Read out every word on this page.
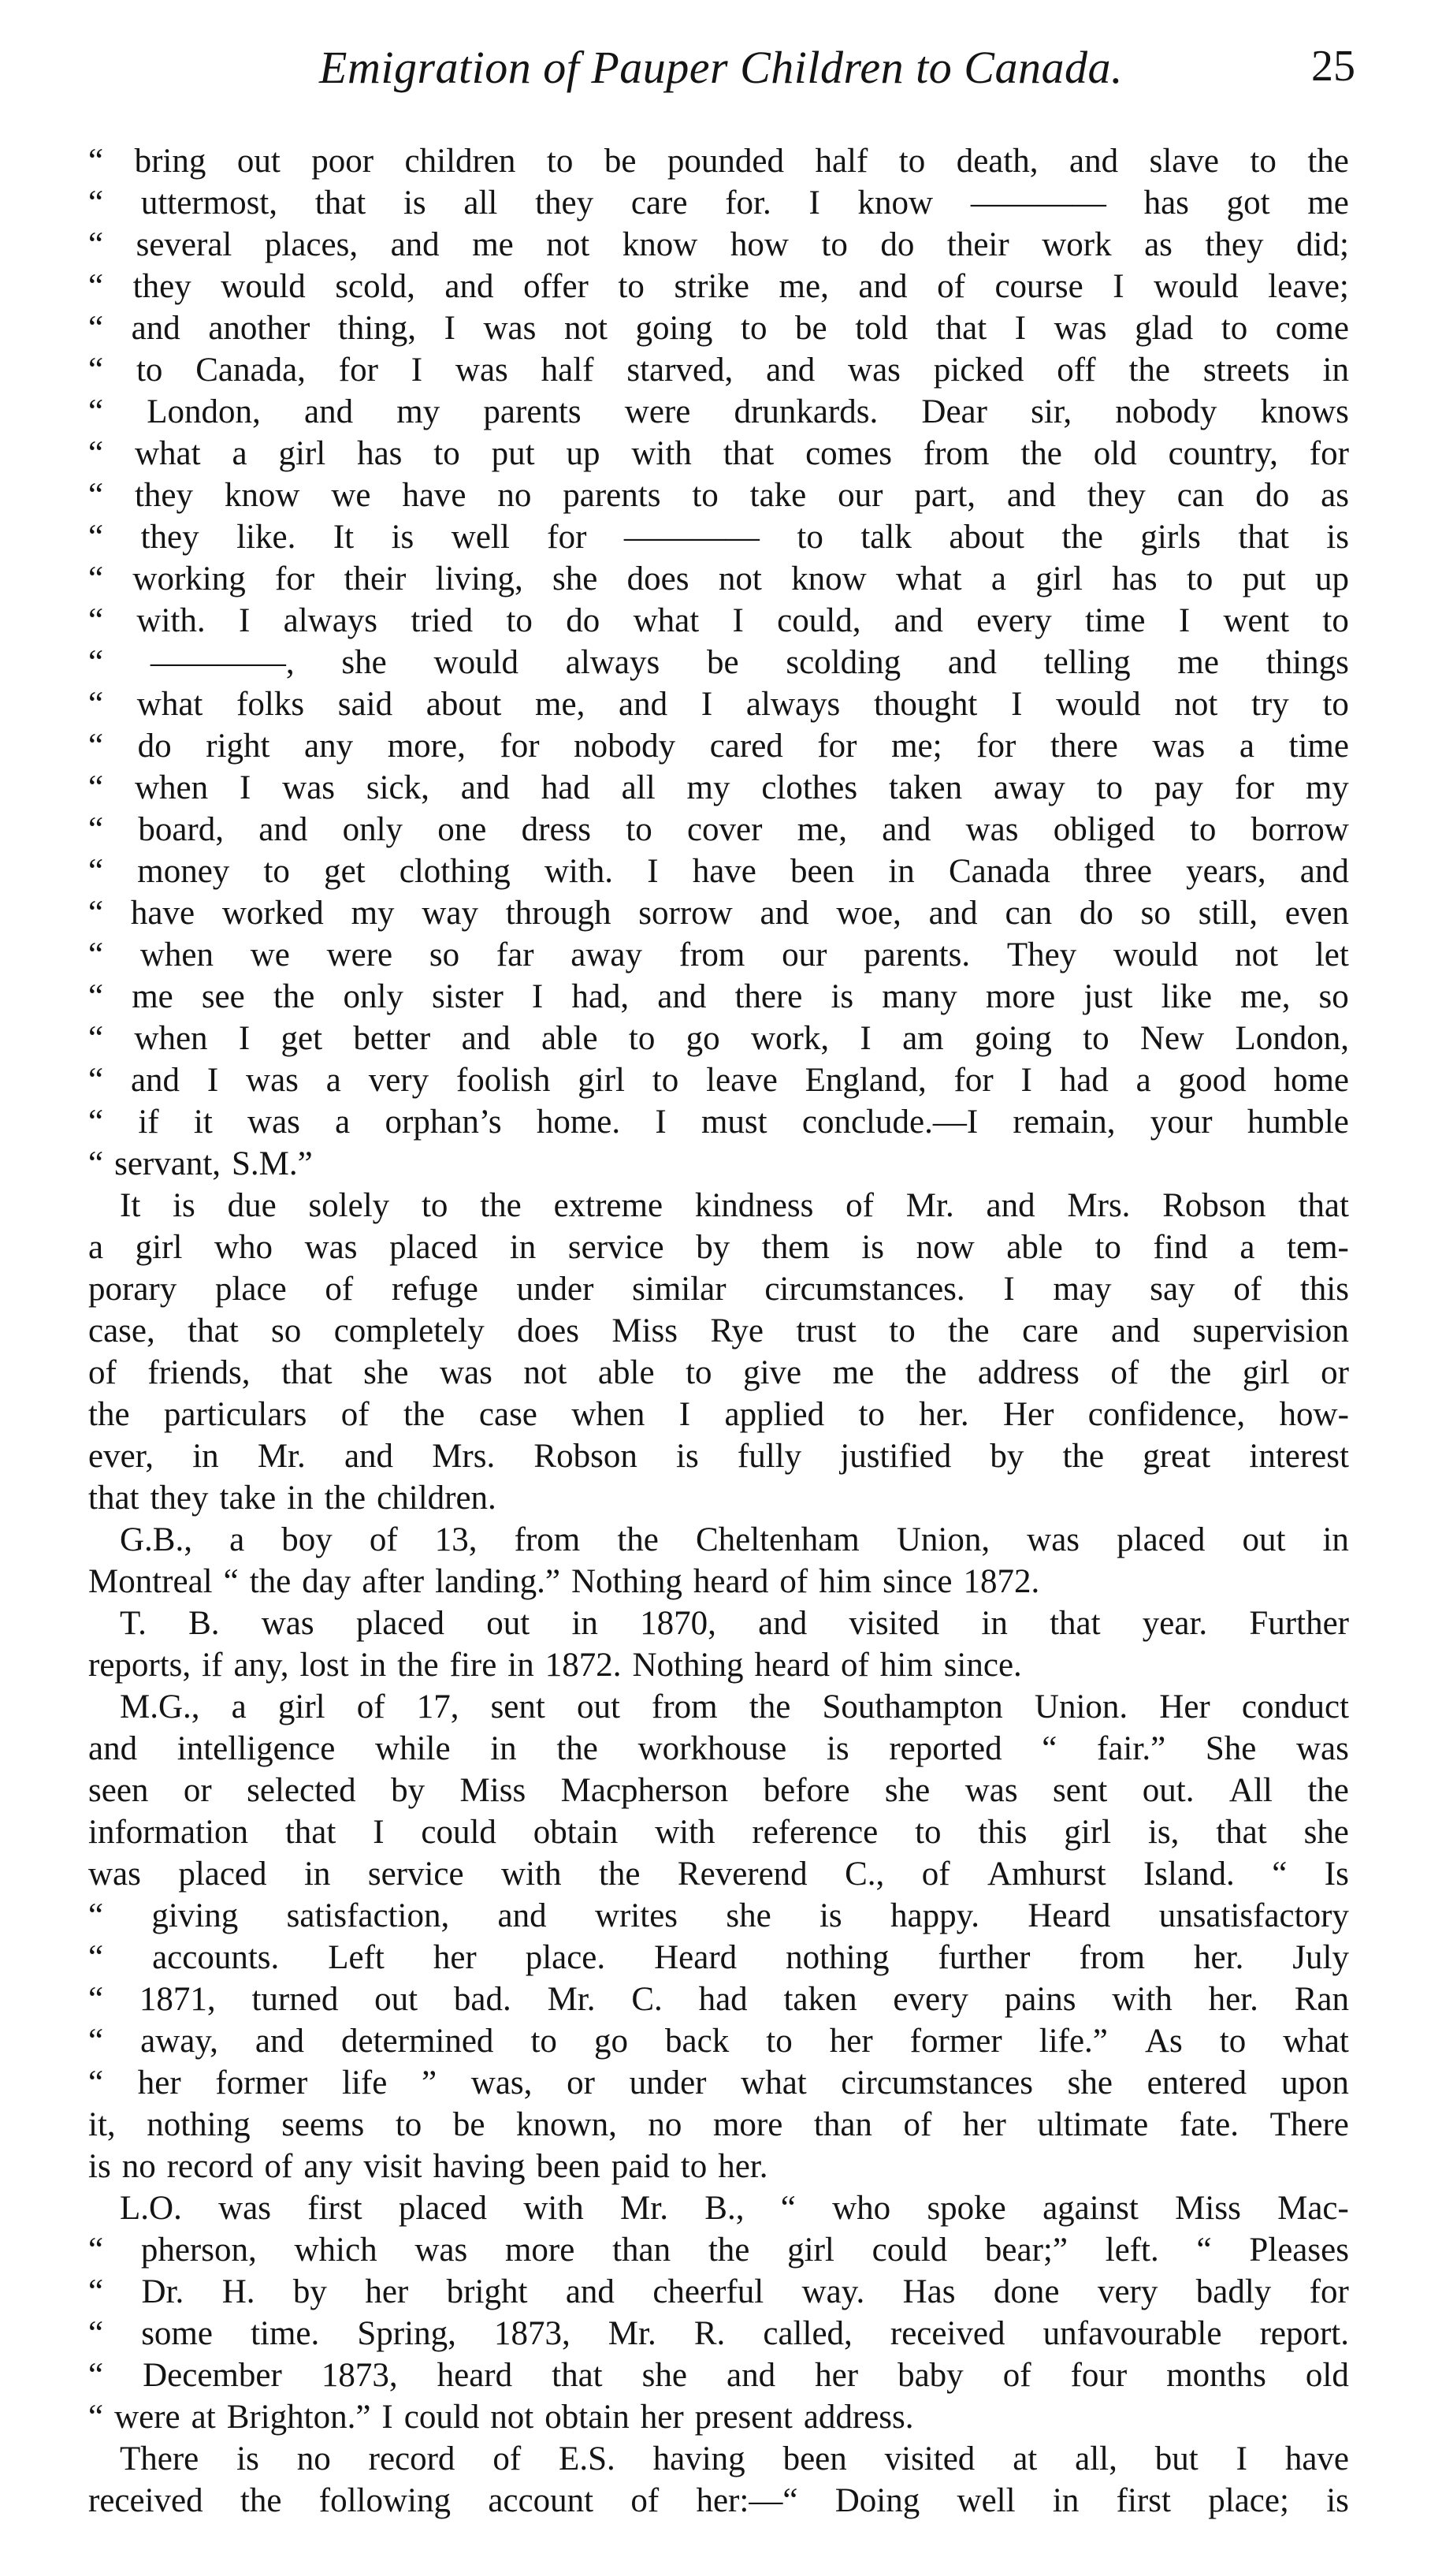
Emigration of Pauper Children to Canada.	25
“ bring out poor children to be pounded half to death, and slave to the
“ uttermost, that is all they care for. I know ———— has got me
“ several places, and me not know how to do their work as they did;
“ they would scold, and offer to strike me, and of course I would leave;
“ and another thing, I was not going to be told that I was glad to come
“ to Canada, for I was half starved, and was picked off the streets in
“ London, and my parents were drunkards. Dear sir, nobody knows
“ what a girl has to put up with that comes from the old country, for
“ they know we have no parents to take our part, and they can do as
“ they like. It is well for ———— to talk about the girls that is
“ working for their living, she does not know what a girl has to put up
“ with. I always tried to do what I could, and every time I went to
“ ————, she would always be scolding and telling me things
“ what folks said about me, and I always thought I would not try to
“ do right any more, for nobody cared for me; for there was a time
“ when I was sick, and had all my clothes taken away to pay for my
“ board, and only one dress to cover me, and was obliged to borrow
“ money to get clothing with. I have been in Canada three years, and
“ have worked my way through sorrow and woe, and can do so still, even
“ when we were so far away from our parents. They would not let
“ me see the only sister I had, and there is many more just like me, so
“ when I get better and able to go work, I am going to New London,
“ and I was a very foolish girl to leave England, for I had a good home
“ if it was a orphan’s home. I must conclude.—I remain, your humble
“ servant, S.M.”
It is due solely to the extreme kindness of Mr. and Mrs. Robson that
a girl who was placed in service by them is now able to find a tem-
porary place of refuge under similar circumstances. I may say of this
case, that so completely does Miss Rye trust to the care and supervision
of friends, that she was not able to give me the address of the girl or
the particulars of the case when I applied to her. Her confidence, how-
ever, in Mr. and Mrs. Robson is fully justified by the great interest
that they take in the children.
G.B., a boy of 13, from the Cheltenham Union, was placed out in
Montreal “ the day after landing.” Nothing heard of him since 1872.
T. B. was placed out in 1870, and visited in that year. Further
reports, if any, lost in the fire in 1872. Nothing heard of him since.
M.G., a girl of 17, sent out from the Southampton Union. Her conduct
and intelligence while in the workhouse is reported “ fair.” She was
seen or selected by Miss Macpherson before she was sent out. All the
information that I could obtain with reference to this girl is, that she
was placed in service with the Reverend C., of Amhurst Island. “ Is
“ giving satisfaction, and writes she is happy. Heard unsatisfactory
“ accounts. Left her place. Heard nothing further from her. July
“ 1871, turned out bad. Mr. C. had taken every pains with her. Ran
“ away, and determined to go back to her former life.” As to what
“ her former life ” was, or under what circumstances she entered upon
it, nothing seems to be known, no more than of her ultimate fate. There
is no record of any visit having been paid to her.
L.O. was first placed with Mr. B., “ who spoke against Miss Mac-
“ pherson, which was more than the girl could bear;” left. “ Pleases
“ Dr. H. by her bright and cheerful way. Has done very badly for
“ some time. Spring, 1873, Mr. R. called, received unfavourable report.
“ December 1873, heard that she and her baby of four months old
“ were at Brighton.” I could not obtain her present address.
There is no record of E.S. having been visited at all, but I have
received the following account of her:—“ Doing well in first place; is
